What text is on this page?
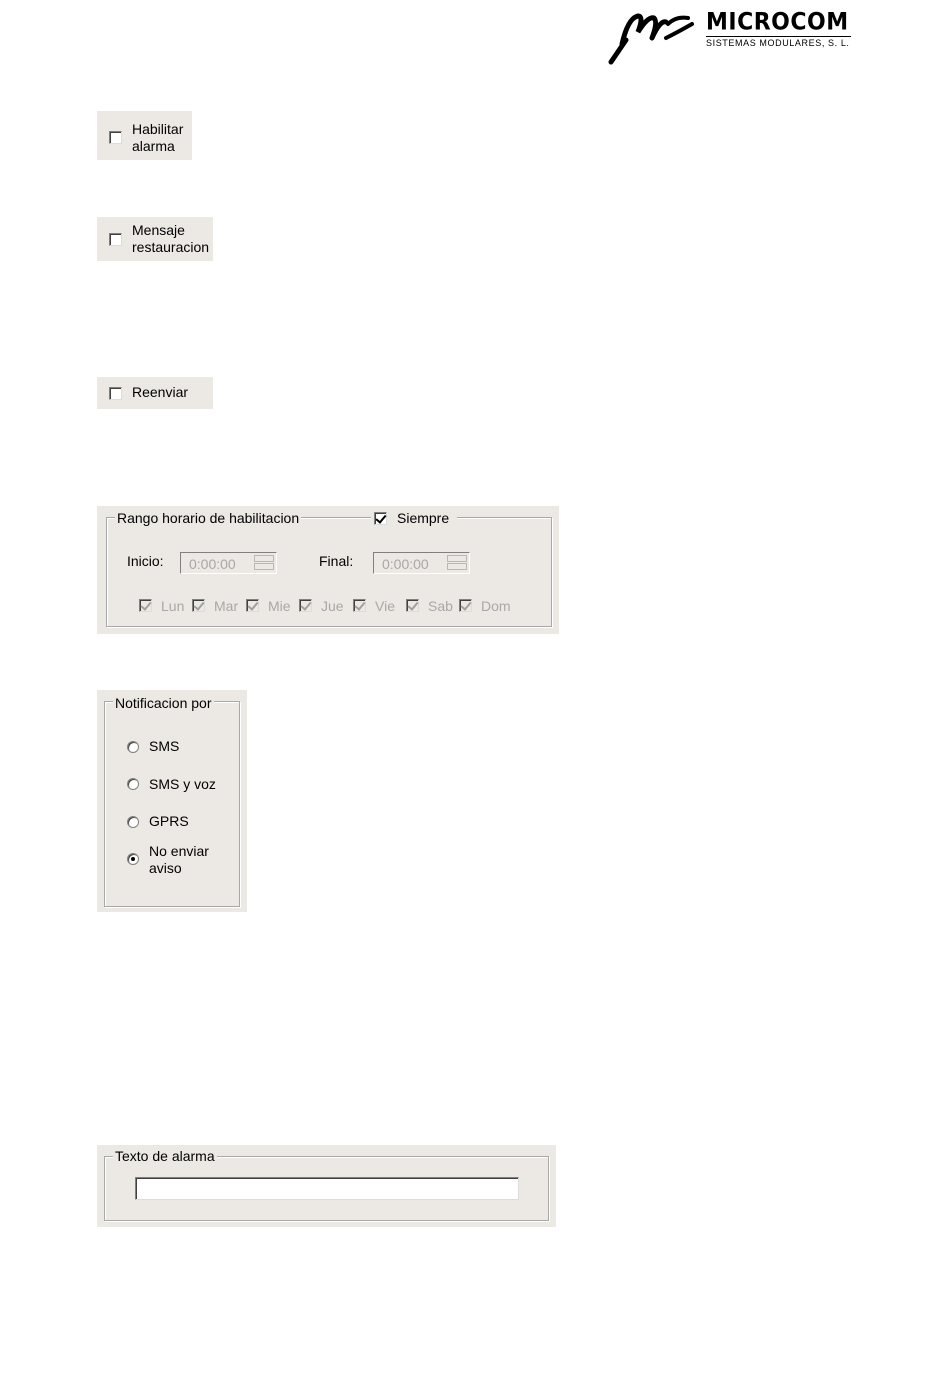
MICROCOM
SISTEMAS MODULARES, S. L.
Habilitar
alarma
Mensaje
restauracion
Reenviar
Rango horario de habilitacion	Siempre
Inicio: 0:00:00	Final: 0:00:00
Lun Mar Mie Jue Vie Sab Dom
Notificacion por
SMS
SMS y voz
GPRS
No enviar
aviso
Texto de alarma
